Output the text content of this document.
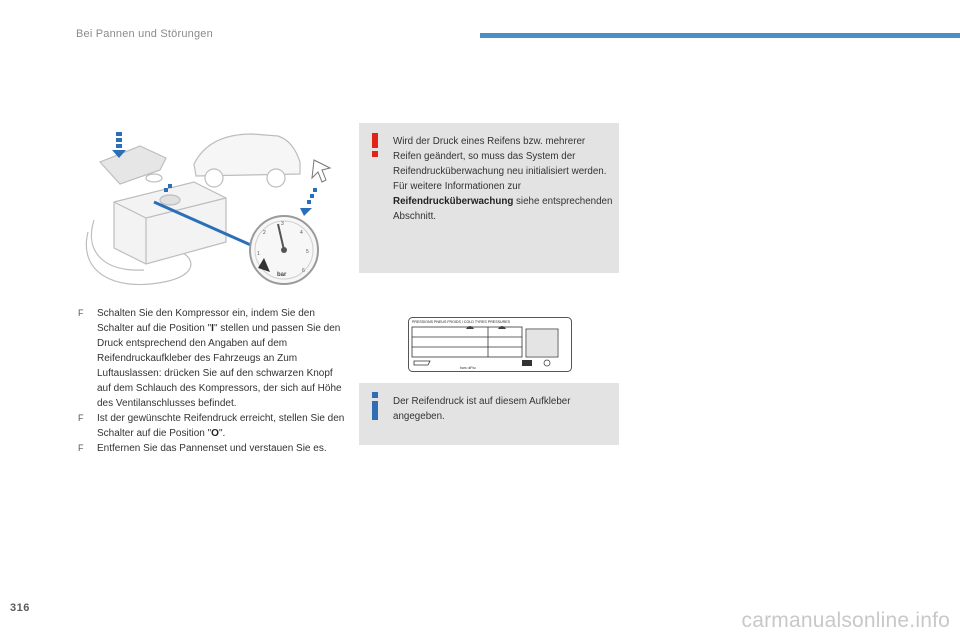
Bei Pannen und Störungen
1
2
3
4
5
6
bar
F	Schalten Sie den Kompressor ein, indem Sie den Schalter auf die Position "I" stellen und passen Sie den Druck entsprechend den Angaben auf dem Reifendruckaufkleber des Fahrzeugs an Zum Luftauslassen: drücken Sie auf den schwarzen Knopf auf dem Schlauch des Kompressors, der sich auf Höhe des Ventilanschlusses befindet.
F	Ist der gewünschte Reifendruck erreicht, stellen Sie den Schalter auf die Position "O".
F	Entfernen Sie das Pannenset und verstauen Sie es.
Wird der Druck eines Reifens bzw. mehrerer Reifen geändert, so muss das System der Reifendrucküberwachung neu initialisiert werden.
Für weitere Informationen zur Reifendrucküberwachung siehe entsprechenden Abschnitt.
PRESSIONS PNEUS FROIDS / COLD TYRES PRESSURES
bars •kPa•
Der Reifendruck ist auf diesem Aufkleber angegeben.
316
carmanualsonline.info
